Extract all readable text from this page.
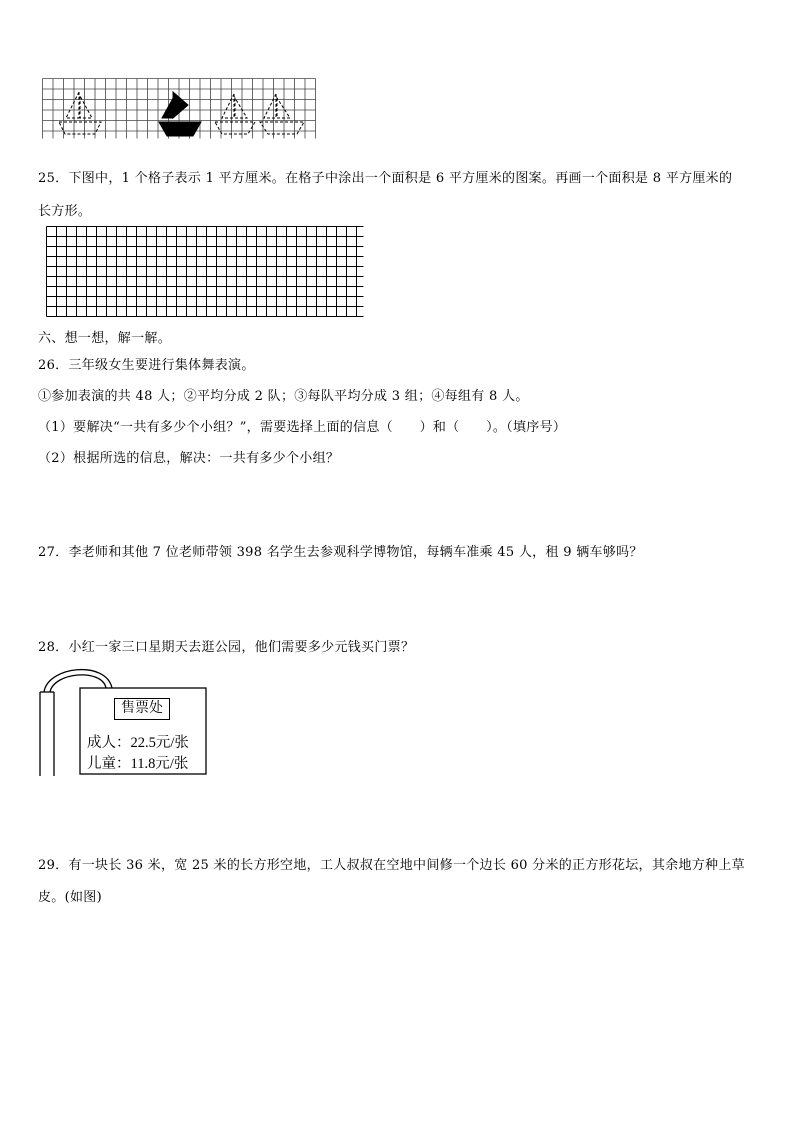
25．下图中，1 个格子表示 1 平方厘米。在格子中涂出一个面积是 6 平方厘米的图案。再画一个面积是 8 平方厘米的
长方形。
六、想一想，解一解。
26．三年级女生要进行集体舞表演。
①参加表演的共 48 人；②平均分成 2 队；③每队平均分成 3 组；④每组有 8 人。
（1）要解决“一共有多少个小组？”，需要选择上面的信息（　　）和（　　）。（填序号）
（2）根据所选的信息，解决：一共有多少个小组？
27．李老师和其他 7 位老师带领 398 名学生去参观科学博物馆，每辆车准乘 45 人，租 9 辆车够吗？
28．小红一家三口星期天去逛公园，他们需要多少元钱买门票？
售票处
成人：22.5元/张
儿童：11.8元/张
29．有一块长 36 米，宽 25 米的长方形空地，工人叔叔在空地中间修一个边长 60 分米的正方形花坛，其余地方种上草
皮。(如图)
